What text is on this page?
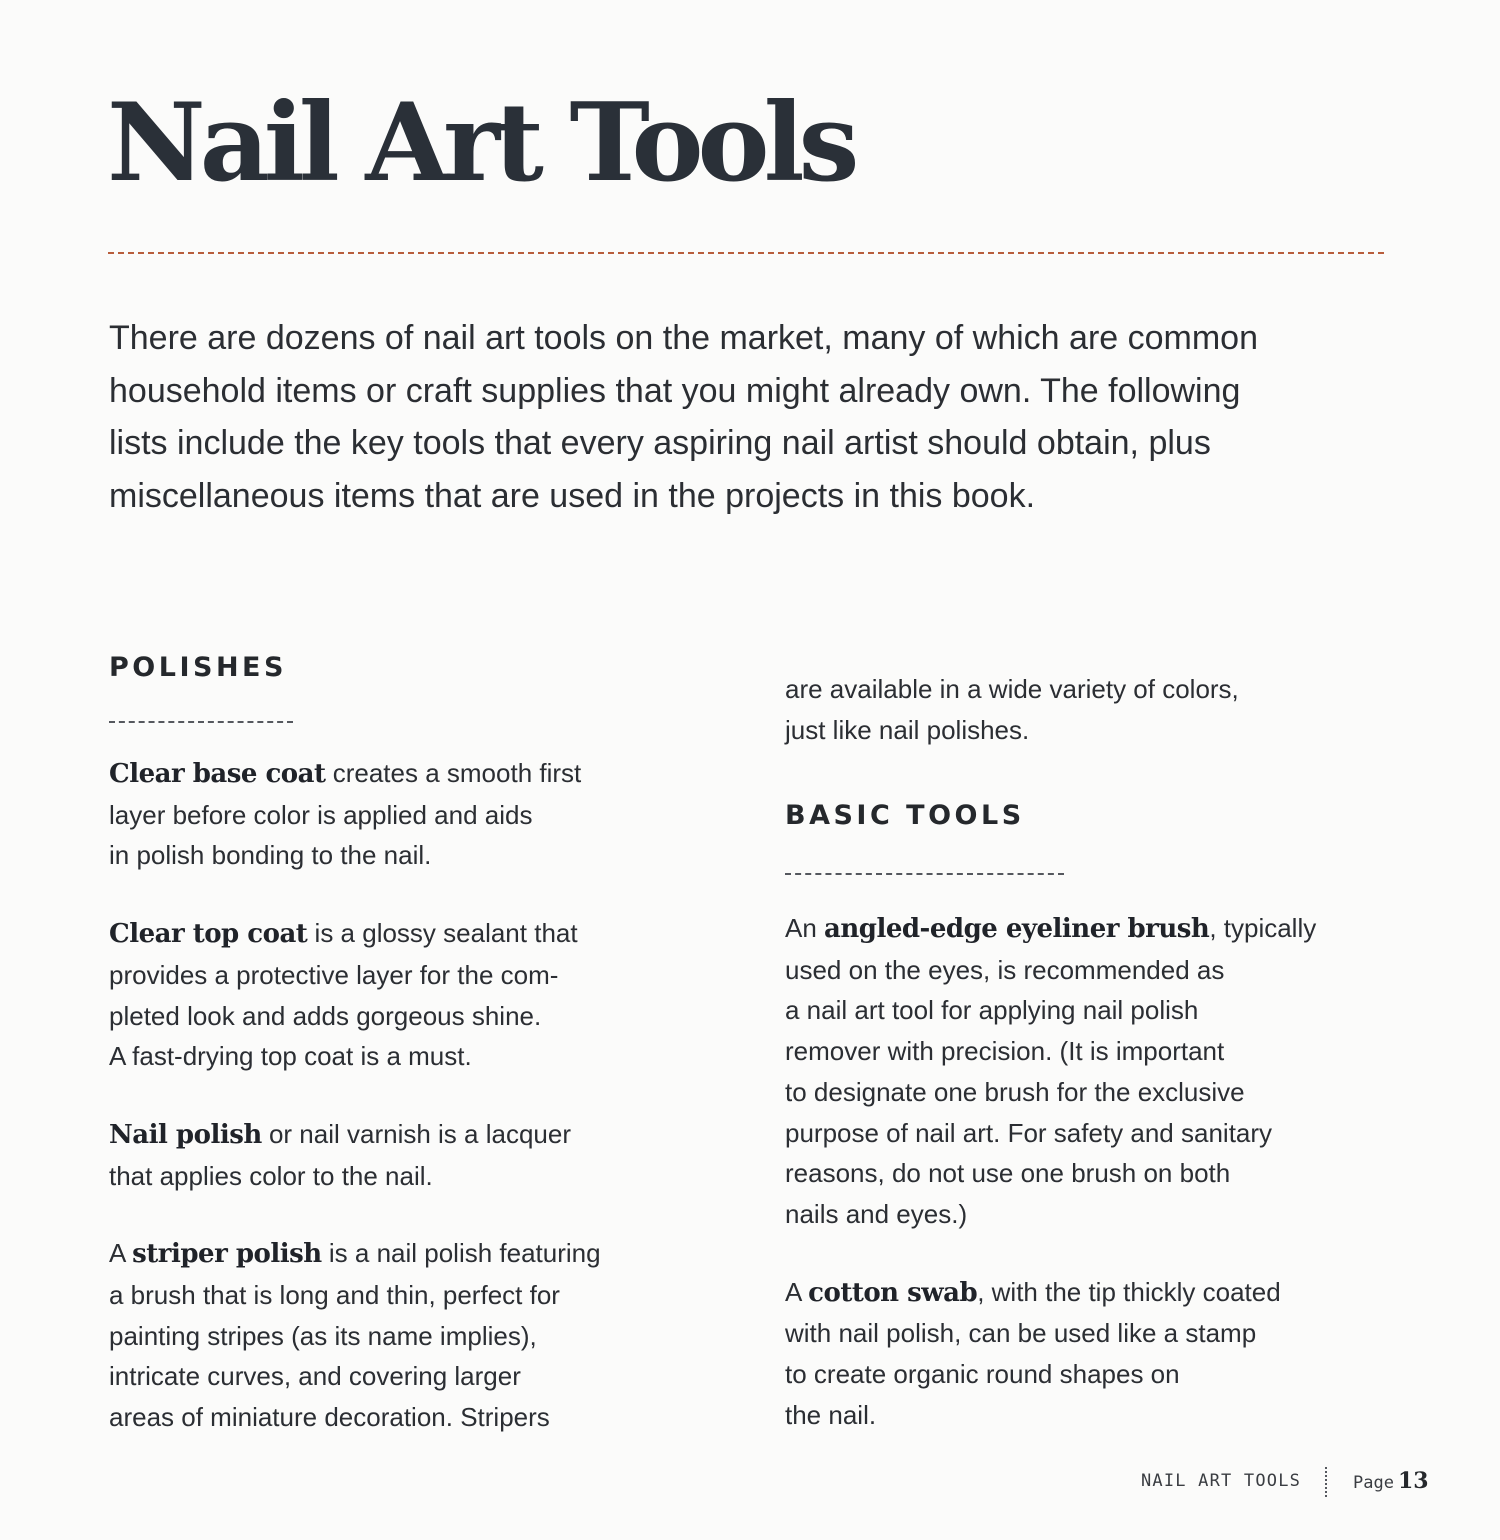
Nail Art Tools

There are dozens of nail art tools on the market, many of which are common
household items or craft supplies that you might already own. The following
lists include the key tools that every aspiring nail artist should obtain, plus
miscellaneous items that are used in the projects in this book.

POLISHES

Clear base coat creates a smooth first
layer before color is applied and aids
in polish bonding to the nail.

Clear top coat is a glossy sealant that
provides a protective layer for the com-
pleted look and adds gorgeous shine.
A fast-drying top coat is a must.

Nail polish or nail varnish is a lacquer
that applies color to the nail.

A striper polish is a nail polish featuring
a brush that is long and thin, perfect for
painting stripes (as its name implies),
intricate curves, and covering larger
areas of miniature decoration. Stripers

are available in a wide variety of colors,
just like nail polishes.

BASIC TOOLS

An angled-edge eyeliner brush, typically
used on the eyes, is recommended as
a nail art tool for applying nail polish
remover with precision. (It is important
to designate one brush for the exclusive
purpose of nail art. For safety and sanitary
reasons, do not use one brush on both
nails and eyes.)

A cotton swab, with the tip thickly coated
with nail polish, can be used like a stamp
to create organic round shapes on
the nail.

NAIL ART TOOLS	Page 13
